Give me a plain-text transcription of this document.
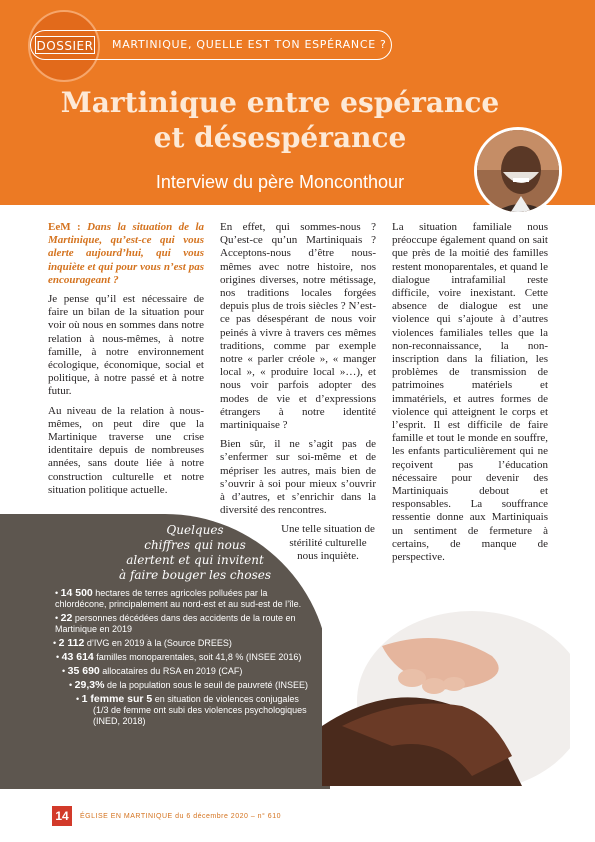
DOSSIER MARTINIQUE, QUELLE EST TON ESPÉRANCE ?
Martinique entre espérance
et désespérance
Interview du père Monconthour

EeM : Dans la situation de la Martinique, qu’est-ce qui vous alerte aujourd’hui, qui vous inquiète et qui pour vous n’est pas encourageant ?

Je pense qu’il est nécessaire de faire un bilan de la situation pour voir où nous en sommes dans notre relation à nous-mêmes, à notre famille, à notre environnement écologique, économique, social et politique, à notre passé et à notre futur.

Au niveau de la relation à nous-mêmes, on peut dire que la Martinique traverse une crise identitaire depuis de nombreuses années, sans doute liée à notre construction culturelle et notre situation politique actuelle.

En effet, qui sommes-nous ? Qu’est-ce qu’un Martiniquais ? Acceptons-nous d’être nous-mêmes avec notre histoire, nos origines diverses, notre métissage, nos traditions locales forgées depuis plus de trois siècles ? N’est-ce pas désespérant de nous voir peinés à vivre à travers ces mêmes traditions, comme par exemple notre « parler créole », « manger local », « produire local »…), et nous voir parfois adopter des modes de vie et d’expressions étrangers à notre identité martiniquaise ?

Bien sûr, il ne s’agit pas de s’enfermer sur soi-même et de mépriser les autres, mais bien de s’ouvrir à soi pour mieux s’ouvrir à d’autres, et s’enrichir dans la diversité des rencontres.

Une telle situation de stérilité culturelle nous inquiète.

La situation familiale nous préoccupe également quand on sait que près de la moitié des familles restent monoparentales, et quand le dialogue intrafamilial reste difficile, voire inexistant. Cette absence de dialogue est une violence qui s’ajoute à d’autres violences familiales telles que la non-reconnaissance, la non-inscription dans la filiation, les problèmes de transmission de patrimoines matériels et immatériels, et autres formes de violence qui atteignent le corps et l’esprit. Il est difficile de faire famille et tout le monde en souffre, les enfants particulièrement qui ne reçoivent pas l’éducation nécessaire pour devenir des Martiniquais debout et responsables. La souffrance ressentie donne aux Martiniquais un sentiment de fermeture à certains, de manque de perspective.

Quelques
chiffres qui nous
alertent et qui invitent
à faire bouger les choses
• 14 500 hectares de terres agricoles polluées par la chlordécone, principalement au nord-est et au sud-est de l’île.
• 22 personnes décédées dans des accidents de la route en Martinique en 2019
• 2 112 d’IVG en 2019 à la (Source DREES)
• 43 614 familles monoparentales, soit 41,8 % (INSEE 2016)
• 35 690 allocataires du RSA en 2019 (CAF)
• 29,3% de la population sous le seuil de pauvreté (INSEE)
• 1 femme sur 5 en situation de violences conjugales
(1/3 de femme ont subi des violences psychologiques (INED, 2018)
14	ÉGLISE EN MARTINIQUE du 6 décembre 2020 – n° 610
